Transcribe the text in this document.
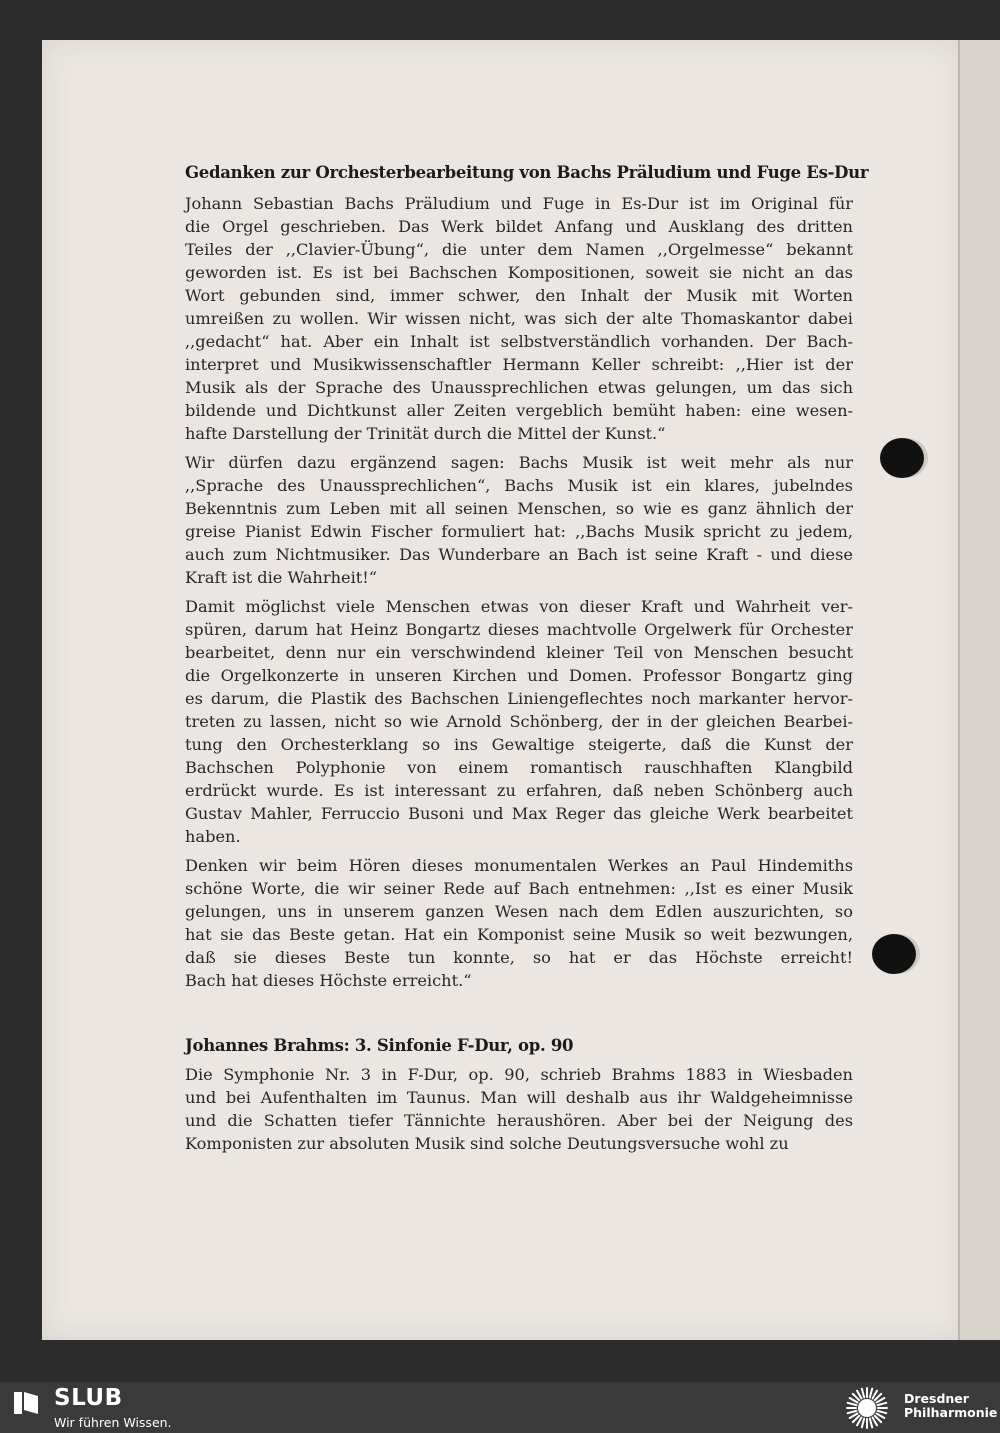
Gedanken zur Orchesterbearbeitung von Bachs Präludium und Fuge Es-Dur

Johann Sebastian Bachs Präludium und Fuge in Es-Dur ist im Original für
die Orgel geschrieben. Das Werk bildet Anfang und Ausklang des dritten
Teiles der ,,Clavier-Übung“, die unter dem Namen ,,Orgelmesse“ bekannt
geworden ist. Es ist bei Bachschen Kompositionen, soweit sie nicht an das
Wort gebunden sind, immer schwer, den Inhalt der Musik mit Worten
umreißen zu wollen. Wir wissen nicht, was sich der alte Thomaskantor dabei
,,gedacht“ hat. Aber ein Inhalt ist selbstverständlich vorhanden. Der Bach-
interpret und Musikwissenschaftler Hermann Keller schreibt: ,,Hier ist der
Musik als der Sprache des Unaussprechlichen etwas gelungen, um das sich
bildende und Dichtkunst aller Zeiten vergeblich bemüht haben: eine wesen-
hafte Darstellung der Trinität durch die Mittel der Kunst.“

Wir dürfen dazu ergänzend sagen: Bachs Musik ist weit mehr als nur
,,Sprache des Unaussprechlichen“, Bachs Musik ist ein klares, jubelndes
Bekenntnis zum Leben mit all seinen Menschen, so wie es ganz ähnlich der
greise Pianist Edwin Fischer formuliert hat: ,,Bachs Musik spricht zu jedem,
auch zum Nichtmusiker. Das Wunderbare an Bach ist seine Kraft - und diese
Kraft ist die Wahrheit!“

Damit möglichst viele Menschen etwas von dieser Kraft und Wahrheit ver-
spüren, darum hat Heinz Bongartz dieses machtvolle Orgelwerk für Orchester
bearbeitet, denn nur ein verschwindend kleiner Teil von Menschen besucht
die Orgelkonzerte in unseren Kirchen und Domen. Professor Bongartz ging
es darum, die Plastik des Bachschen Liniengeflechtes noch markanter hervor-
treten zu lassen, nicht so wie Arnold Schönberg, der in der gleichen Bearbei-
tung den Orchesterklang so ins Gewaltige steigerte, daß die Kunst der
Bachschen Polyphonie von einem romantisch rauschhaften Klangbild
erdrückt wurde. Es ist interessant zu erfahren, daß neben Schönberg auch
Gustav Mahler, Ferruccio Busoni und Max Reger das gleiche Werk bearbeitet
haben.

Denken wir beim Hören dieses monumentalen Werkes an Paul Hindemiths
schöne Worte, die wir seiner Rede auf Bach entnehmen: ,,Ist es einer Musik
gelungen, uns in unserem ganzen Wesen nach dem Edlen auszurichten, so
hat sie das Beste getan. Hat ein Komponist seine Musik so weit bezwungen,
daß sie dieses Beste tun konnte, so hat er das Höchste erreicht!
Bach hat dieses Höchste erreicht.“

Johannes Brahms: 3. Sinfonie F-Dur, op. 90

Die Symphonie Nr. 3 in F-Dur, op. 90, schrieb Brahms 1883 in Wiesbaden
und bei Aufenthalten im Taunus. Man will deshalb aus ihr Waldgeheimnisse
und die Schatten tiefer Tännichte heraushören. Aber bei der Neigung des
Komponisten zur absoluten Musik sind solche Deutungsversuche wohl zu

SLUB
Wir führen Wissen.
Dresdner
Philharmonie
